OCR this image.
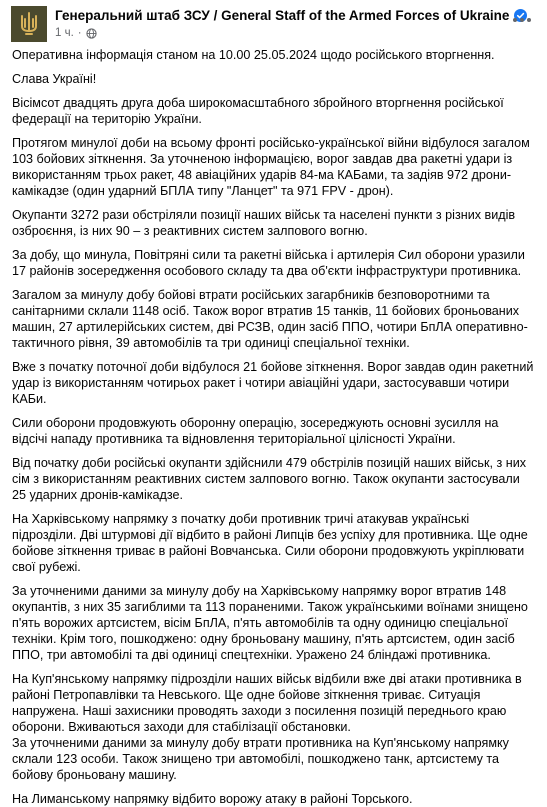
Генеральний штаб ЗСУ / General Staff of the Armed Forces of Ukraine
1 ч. ·

Оперативна інформація станом на 10.00 25.05.2024 щодо російського вторгнення.

Слава Україні!

Вісімсот двадцять друга доба широкомасштабного збройного вторгнення російської федерації на територію України.

Протягом минулої доби на всьому фронті російсько-української війни відбулося загалом 103 бойових зіткнення. За уточненою інформацією, ворог завдав два ракетні удари із використанням трьох ракет, 48 авіаційних ударів 84-ма КАБами, та задіяв 972 дрони-камікадзе (один ударний БПЛА типу "Ланцет" та 971 FPV - дрон).

Окупанти 3272 рази обстріляли позиції наших військ та населені пункти з різних видів озброєння, із них 90 – з реактивних систем залпового вогню.

За добу, що минула, Повітряні сили та ракетні війська і артилерія Сил оборони уразили 17 районів зосередження особового складу та два об'єкти інфраструктури противника.

Загалом за минулу добу бойові втрати російських загарбників безповоротними та санітарними склали 1148 осіб. Також ворог втратив 15 танків, 11 бойових броньованих машин, 27 артилерійських систем, дві РСЗВ, один засіб ППО, чотири БпЛА оперативно-тактичного рівня, 39 автомобілів та три одиниці спеціальної техніки.

Вже з початку поточної доби відбулося 21 бойове зіткнення. Ворог завдав один ракетний удар із використанням чотирьох ракет і чотири авіаційні удари, застосувавши чотири КАБи.

Сили оборони продовжують оборонну операцію, зосереджують основні зусилля на відсічі нападу противника та відновлення територіальної цілісності України.

Від початку доби російські окупанти здійснили 479 обстрілів позицій наших військ, з них сім з використанням реактивних систем залпового вогню. Також окупанти застосували 25 ударних дронів-камікадзе.

На Харківському напрямку з початку доби противник тричі атакував українські підрозділи. Дві штурмові дії відбито в районі Липців без успіху для противника. Ще одне бойове зіткнення триває в районі Вовчанська. Сили оборони продовжують укріплювати свої рубежі.

За уточненими даними за минулу добу на Харківському напрямку ворог втратив 148 окупантів, з них 35 загиблими та 113 пораненими. Також українськими воїнами знищено п'ять ворожих артсистем, вісім БпЛА, п'ять автомобілів та одну одиницю спеціальної техніки. Крім того, пошкоджено: одну броньовану машину, п'ять артсистем, один засіб ППО, три автомобілі та дві одиниці спецтехніки. Уражено 24 бліндажі противника.

На Куп'янському напрямку підрозділи наших військ відбили вже дві атаки противника в районі Петропавлівки та Невського. Ще одне бойове зіткнення триває. Ситуація напружена. Наші захисники проводять заходи з посилення позицій переднього краю оборони. Вживаються заходи для стабілізації обстановки.

За уточненими даними за минулу добу втрати противника на Куп'янському напрямку склали 123 особи. Також знищено три автомобілі, пошкоджено танк, артсистему та бойову броньовану машину.

На Лиманському напрямку відбито ворожу атаку в районі Торського.
